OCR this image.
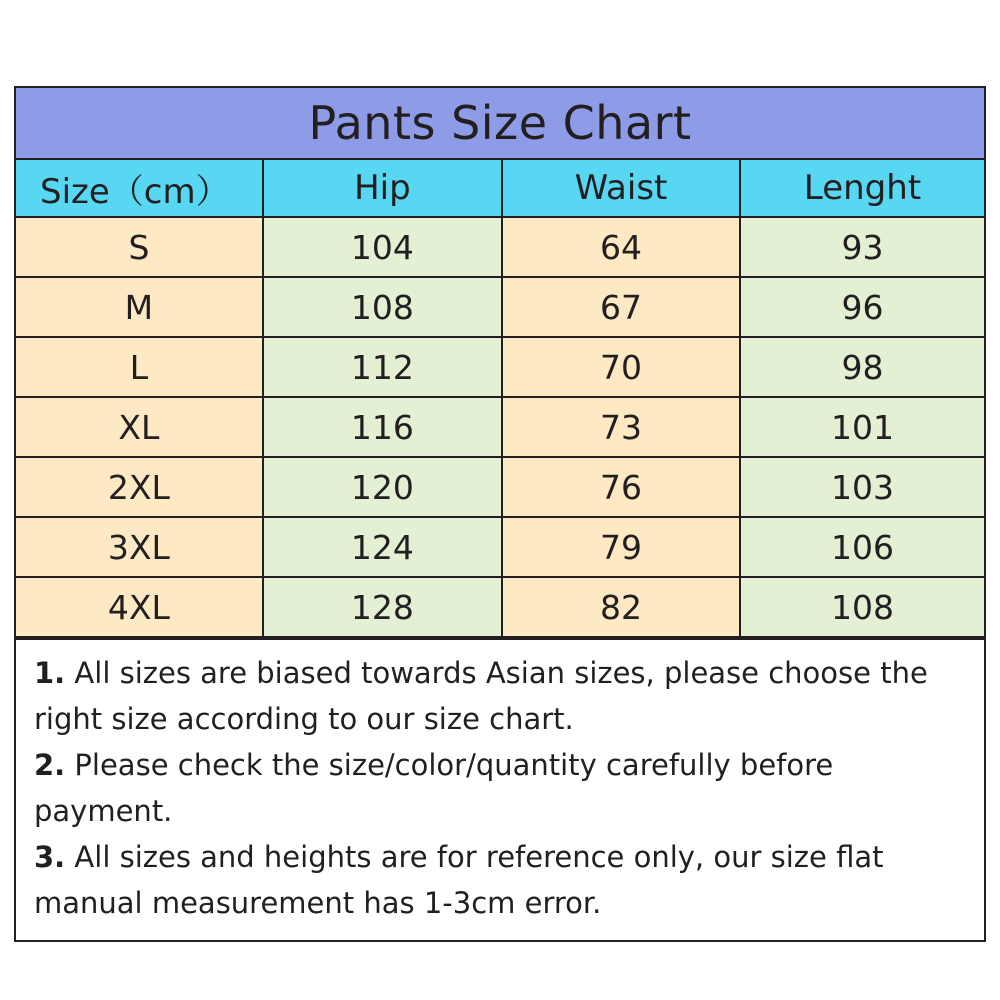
Pants Size Chart
Size（cm）	Hip	Waist	Lenght
S	104	64	93
M	108	67	96
L	112	70	98
XL	116	73	101
2XL	120	76	103
3XL	124	79	106
4XL	128	82	108
1. All sizes are biased towards Asian sizes, please choose the right size according to our size chart.
2. Please check the size/color/quantity carefully before payment.
3. All sizes and heights are for reference only, our size flat manual measurement has 1-3cm error.
